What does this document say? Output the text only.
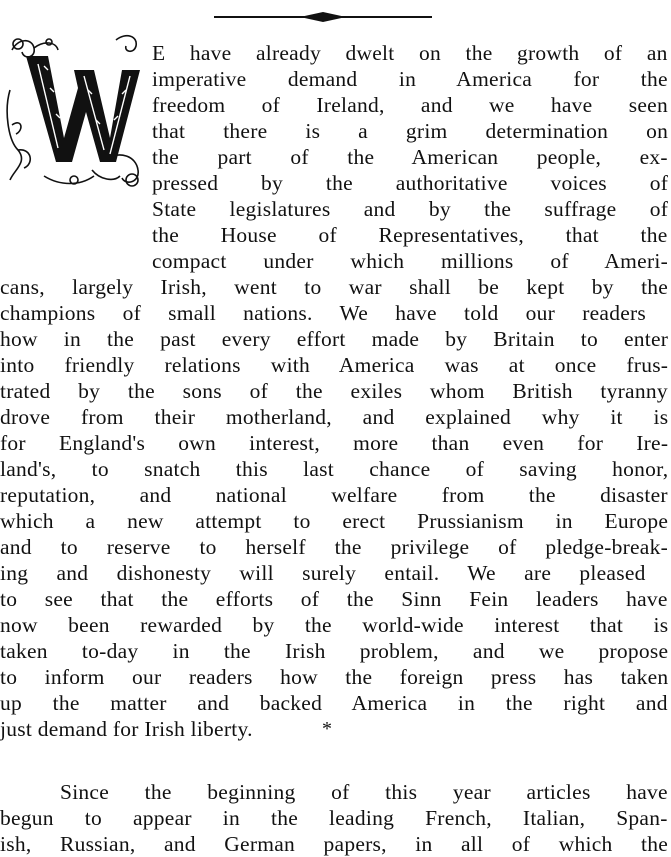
E have already dwelt on the growth of an
imperative demand in America for the
freedom of Ireland, and we have seen
that there is a grim determination on
the part of the American people, ex-
pressed by the authoritative voices of
State legislatures and by the suffrage of
the House of Representatives, that the
compact under which millions of Ameri-
cans, largely Irish, went to war shall be kept by the
champions of small nations. We have told our readers
how in the past every effort made by Britain to enter
into friendly relations with America was at once frus-
trated by the sons of the exiles whom British tyranny
drove from their motherland, and explained why it is
for England's own interest, more than even for Ire-
land's, to snatch this last chance of saving honor,
reputation, and national welfare from the disaster
which a new attempt to erect Prussianism in Europe
and to reserve to herself the privilege of pledge-break-
ing and dishonesty will surely entail. We are pleased
to see that the efforts of the Sinn Fein leaders have
now been rewarded by the world-wide interest that is
taken to-day in the Irish problem, and we propose
to inform our readers how the foreign press has taken
up the matter and backed America in the right and
just demand for Irish liberty.	*
Since the beginning of this year articles have
begun to appear in the leading French, Italian, Span-
ish, Russian, and German papers, in all of which the
